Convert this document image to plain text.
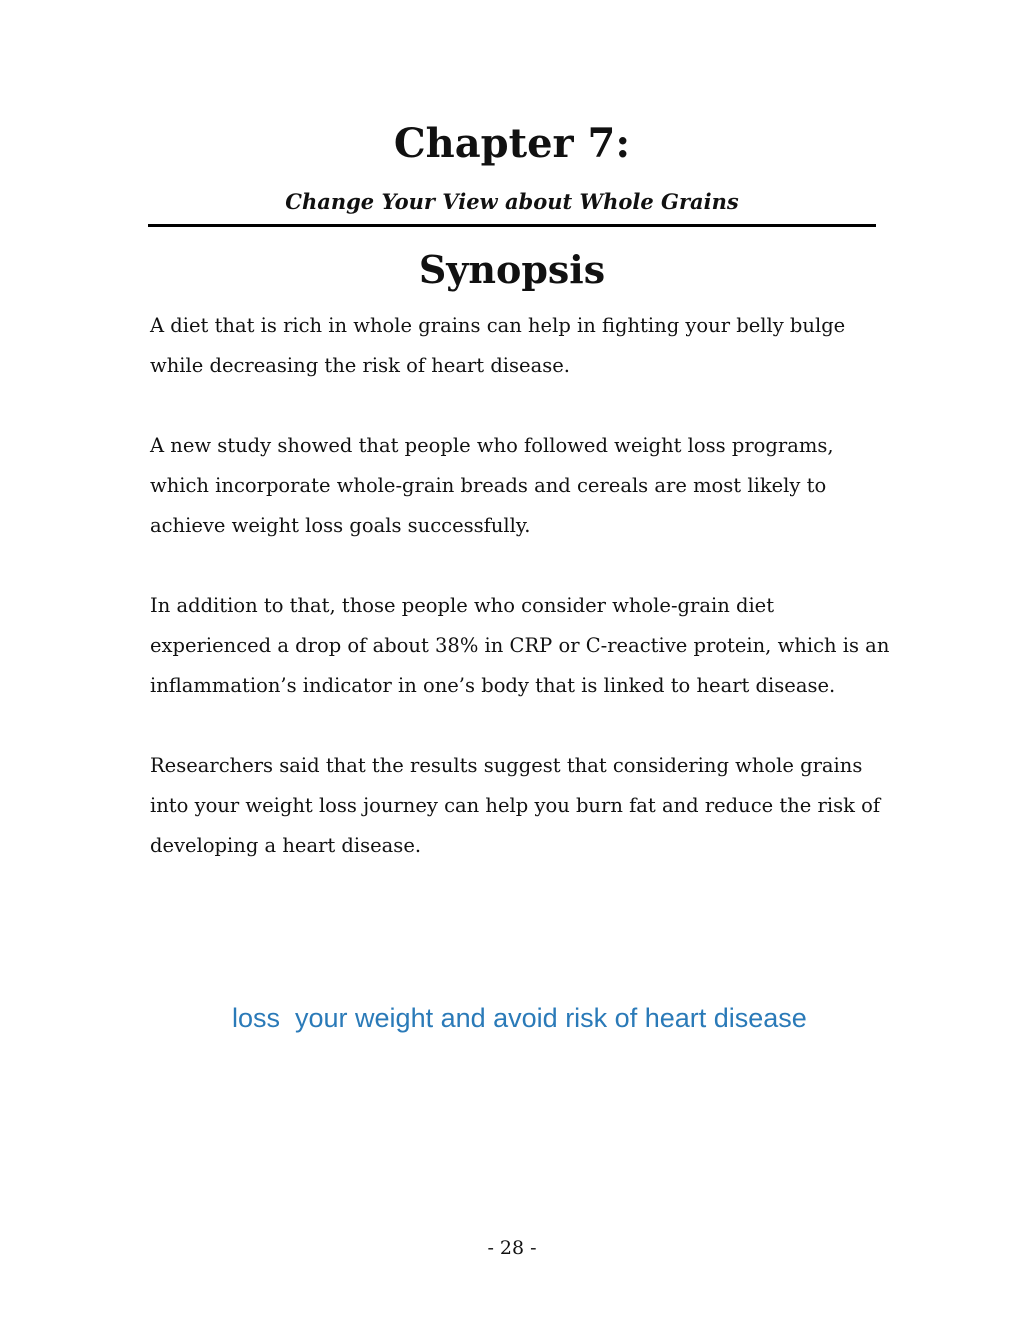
Chapter 7:
Change Your View about Whole Grains
Synopsis

A diet that is rich in whole grains can help in fighting your belly bulge while decreasing the risk of heart disease.

A new study showed that people who followed weight loss programs, which incorporate whole-grain breads and cereals are most likely to achieve weight loss goals successfully.

In addition to that, those people who consider whole-grain diet experienced a drop of about 38% in CRP or C-reactive protein, which is an inflammation’s indicator in one’s body that is linked to heart disease.

Researchers said that the results suggest that considering whole grains into your weight loss journey can help you burn fat and reduce the risk of developing a heart disease.

loss  your weight and avoid risk of heart disease
- 28 -
